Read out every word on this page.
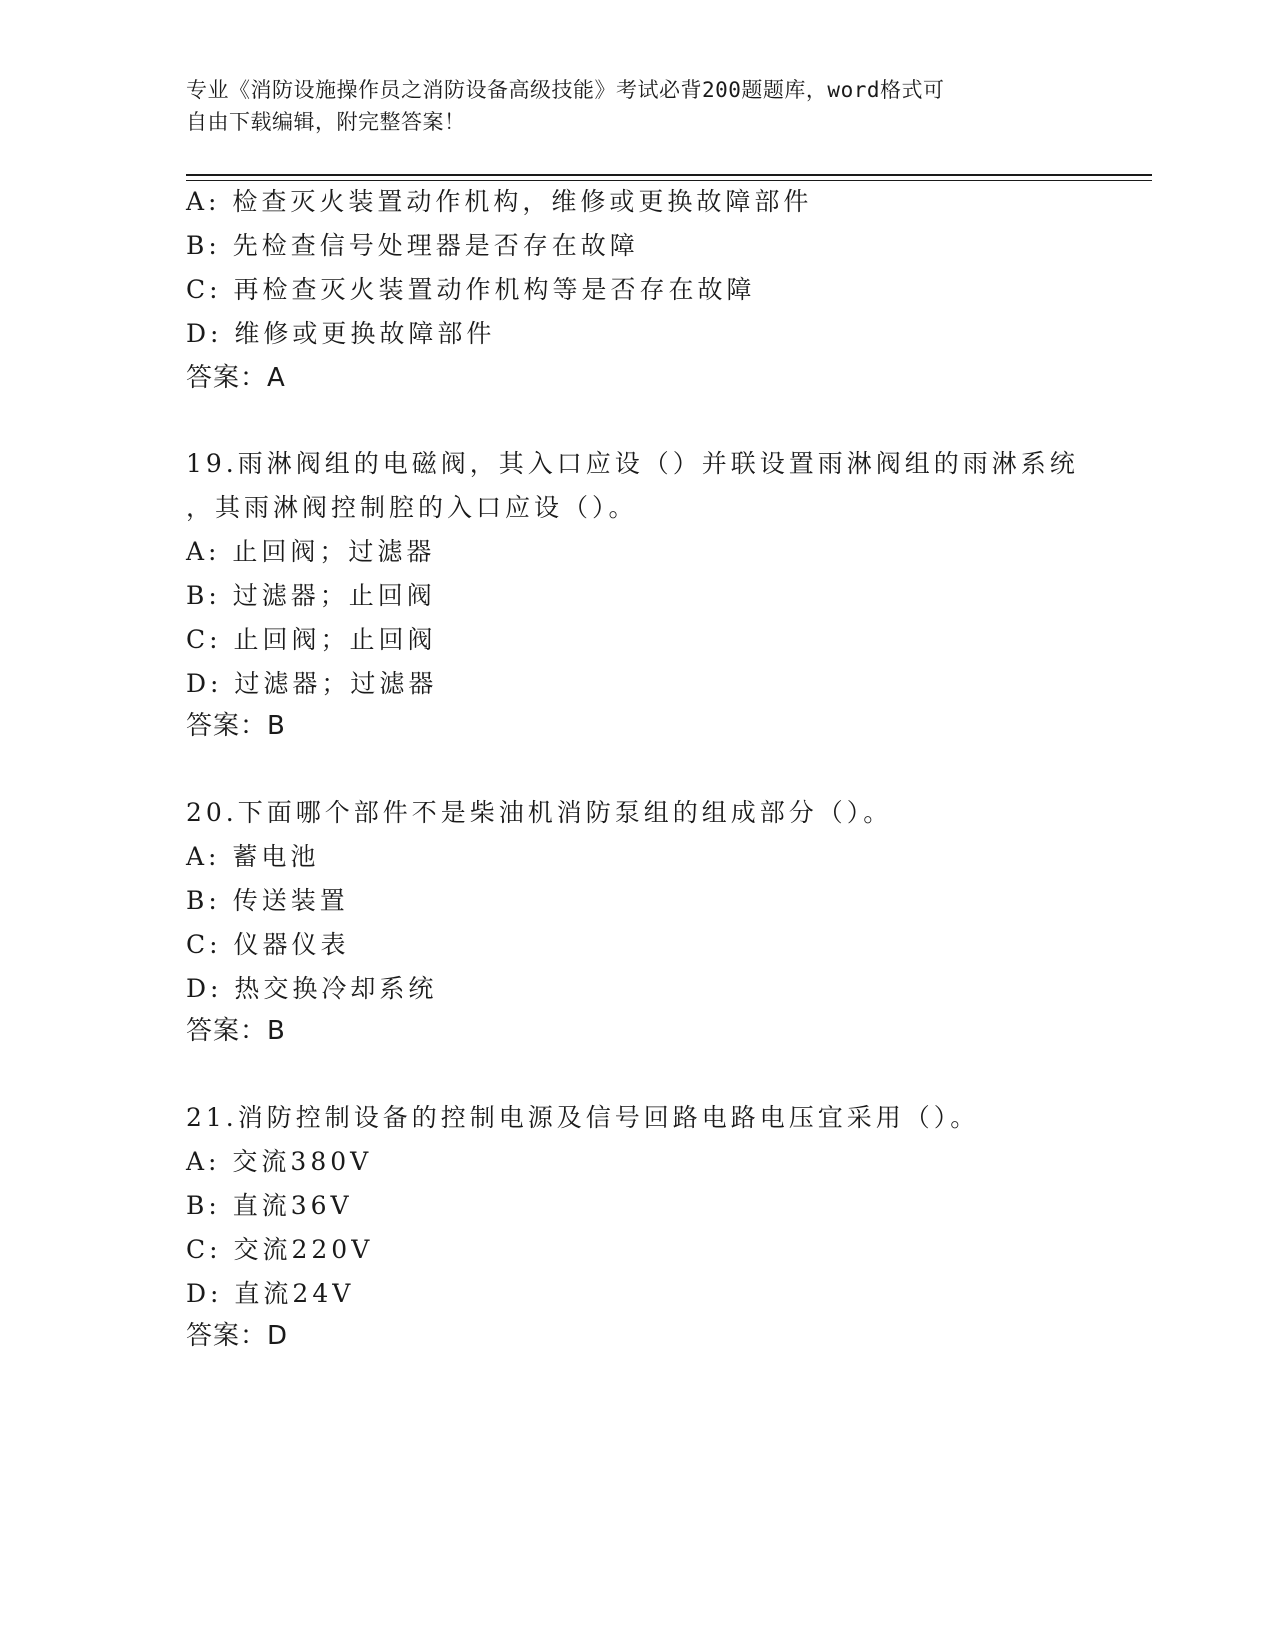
专业《消防设施操作员之消防设备高级技能》考试必背200题题库，word格式可
自由下载编辑，附完整答案！
A: 检查灭火装置动作机构，维修或更换故障部件
B: 先检查信号处理器是否存在故障
C: 再检查灭火装置动作机构等是否存在故障
D: 维修或更换故障部件
答案：A
19.雨淋阀组的电磁阀，其入口应设（）并联设置雨淋阀组的雨淋系统
，其雨淋阀控制腔的入口应设（）。
A: 止回阀；过滤器
B: 过滤器；止回阀
C: 止回阀；止回阀
D: 过滤器；过滤器
答案：B
20.下面哪个部件不是柴油机消防泵组的组成部分（）。
A: 蓄电池
B: 传送装置
C: 仪器仪表
D: 热交换冷却系统
答案：B
21.消防控制设备的控制电源及信号回路电路电压宜采用（）。
A: 交流380V
B: 直流36V
C: 交流220V
D: 直流24V
答案：D
